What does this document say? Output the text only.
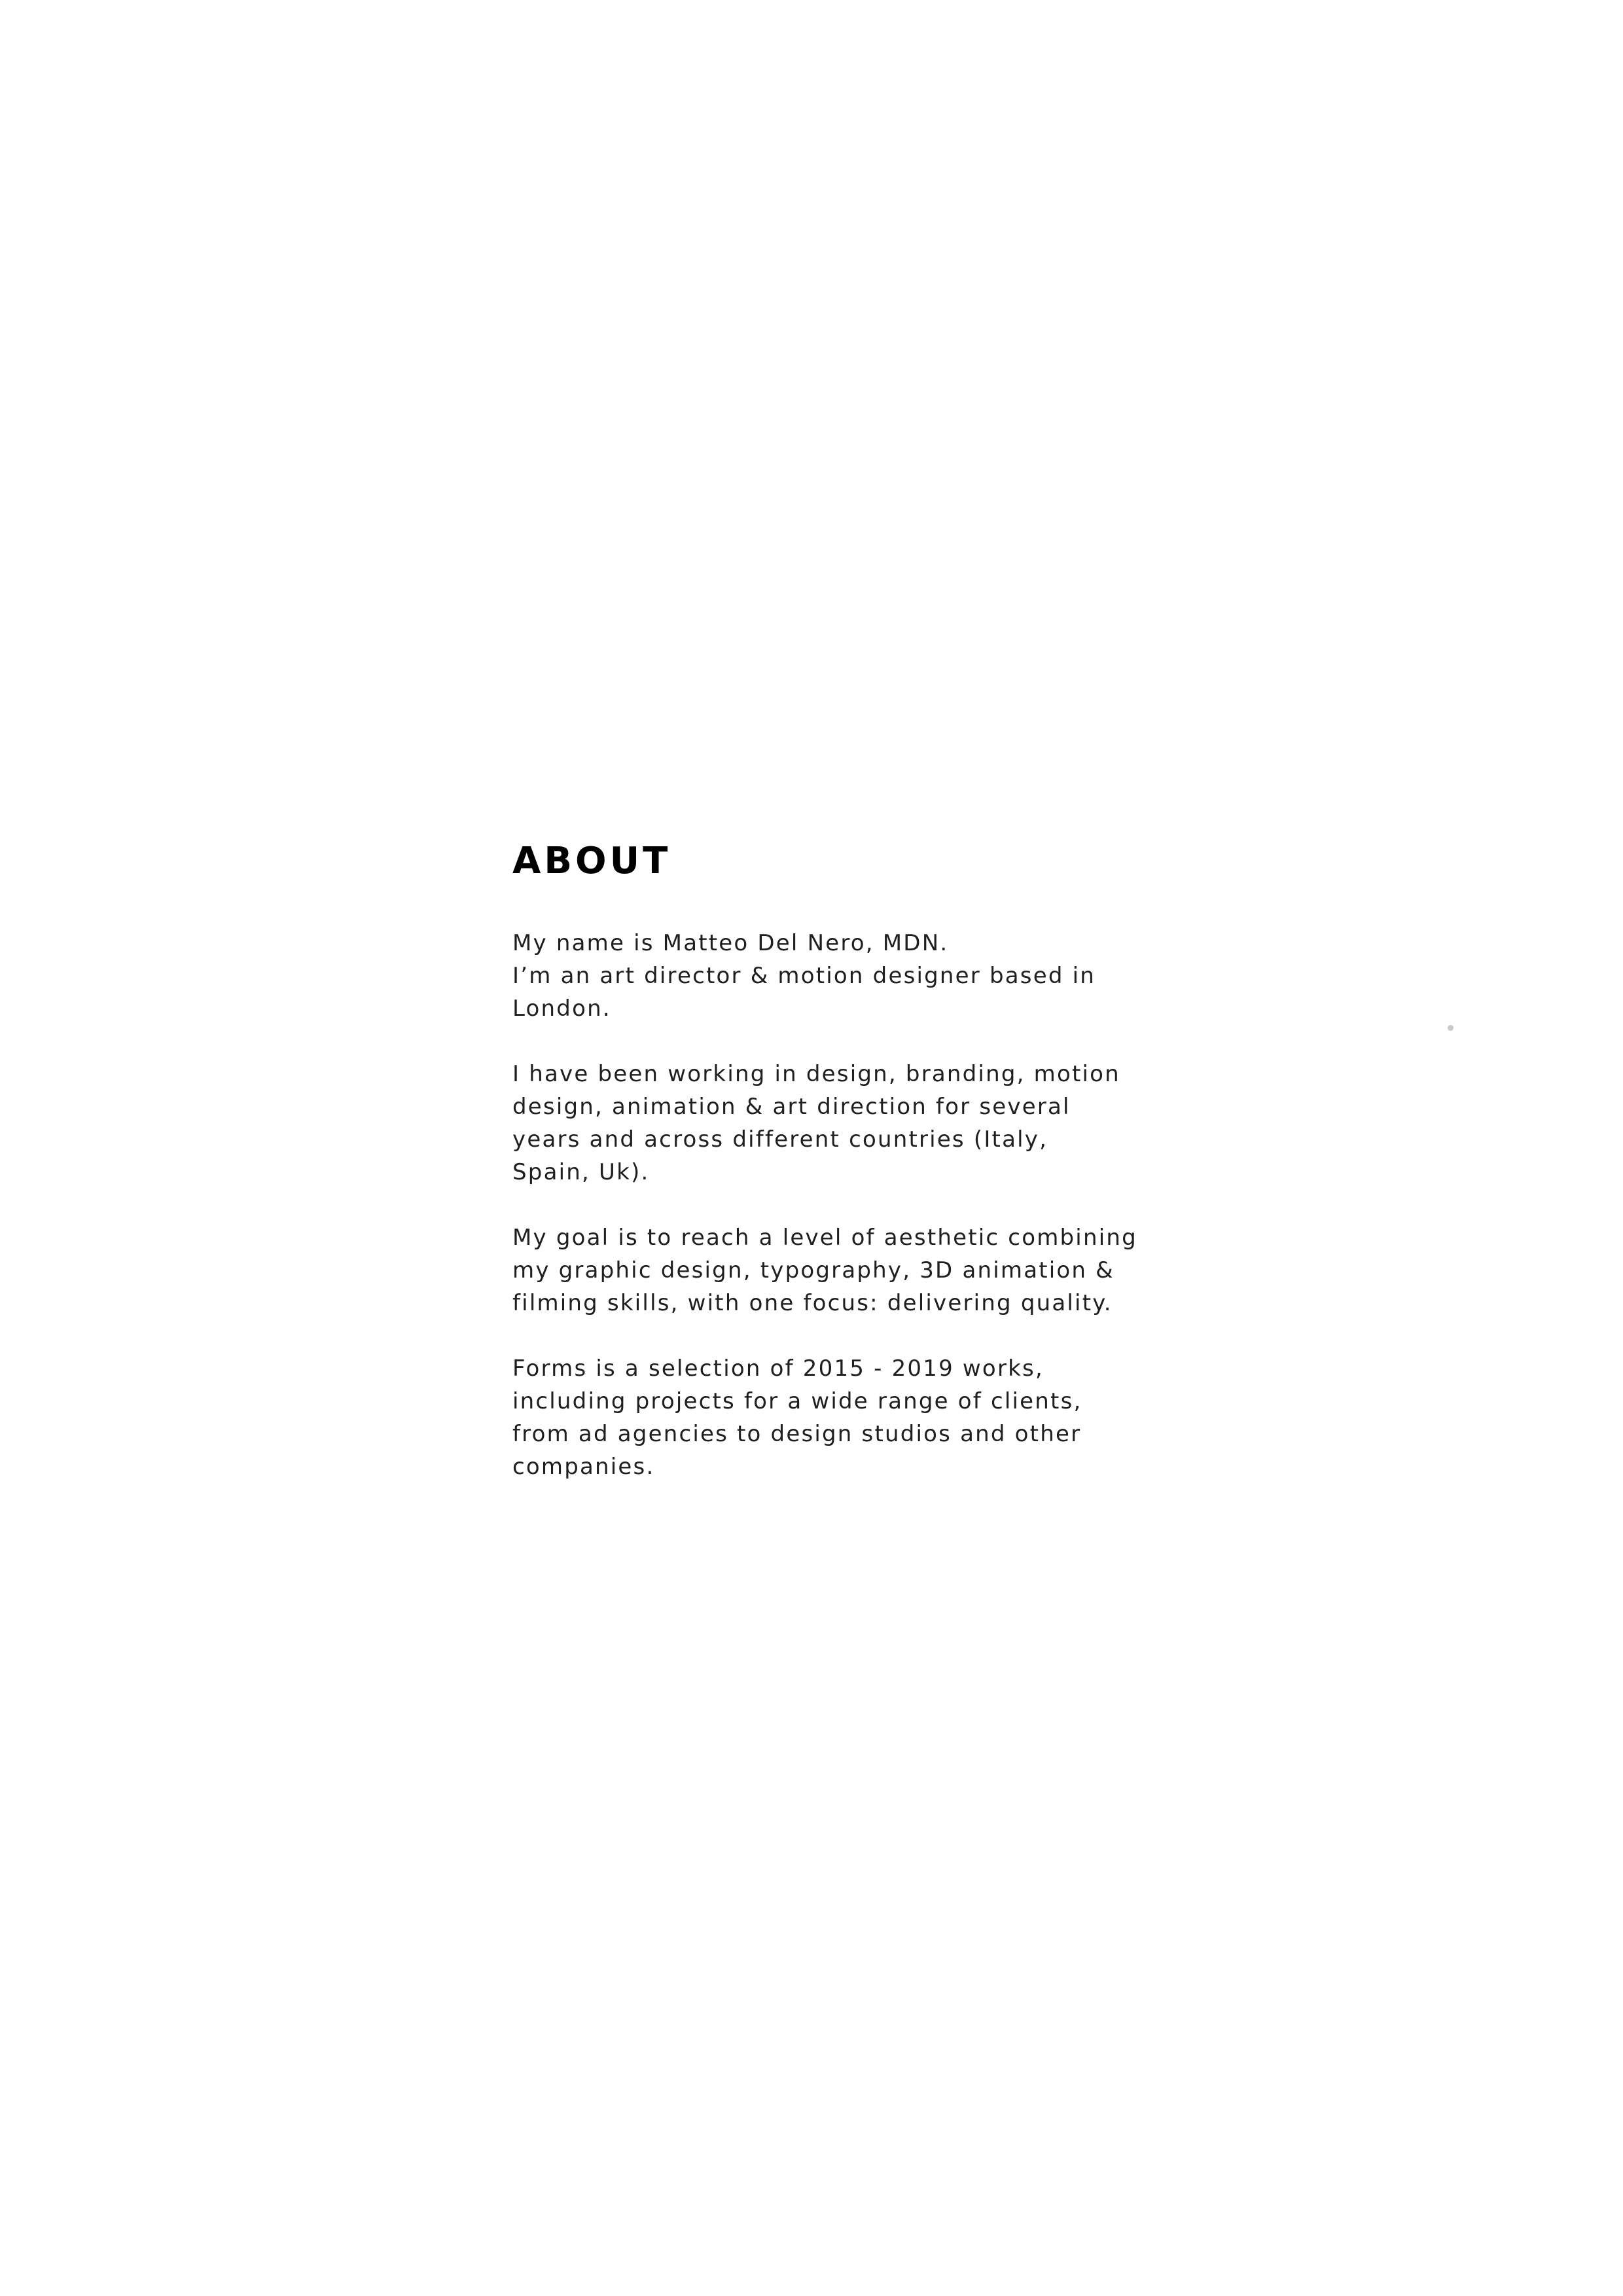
ABOUT

My name is Matteo Del Nero, MDN.
I’m an art director & motion designer based in
London.

I have been working in design, branding, motion
design, animation & art direction for several
years and across different countries (Italy,
Spain, Uk).

My goal is to reach a level of aesthetic combining
my graphic design, typography, 3D animation &
filming skills, with one focus: delivering quality.

Forms is a selection of 2015 - 2019 works,
including projects for a wide range of clients,
from ad agencies to design studios and other
companies.
